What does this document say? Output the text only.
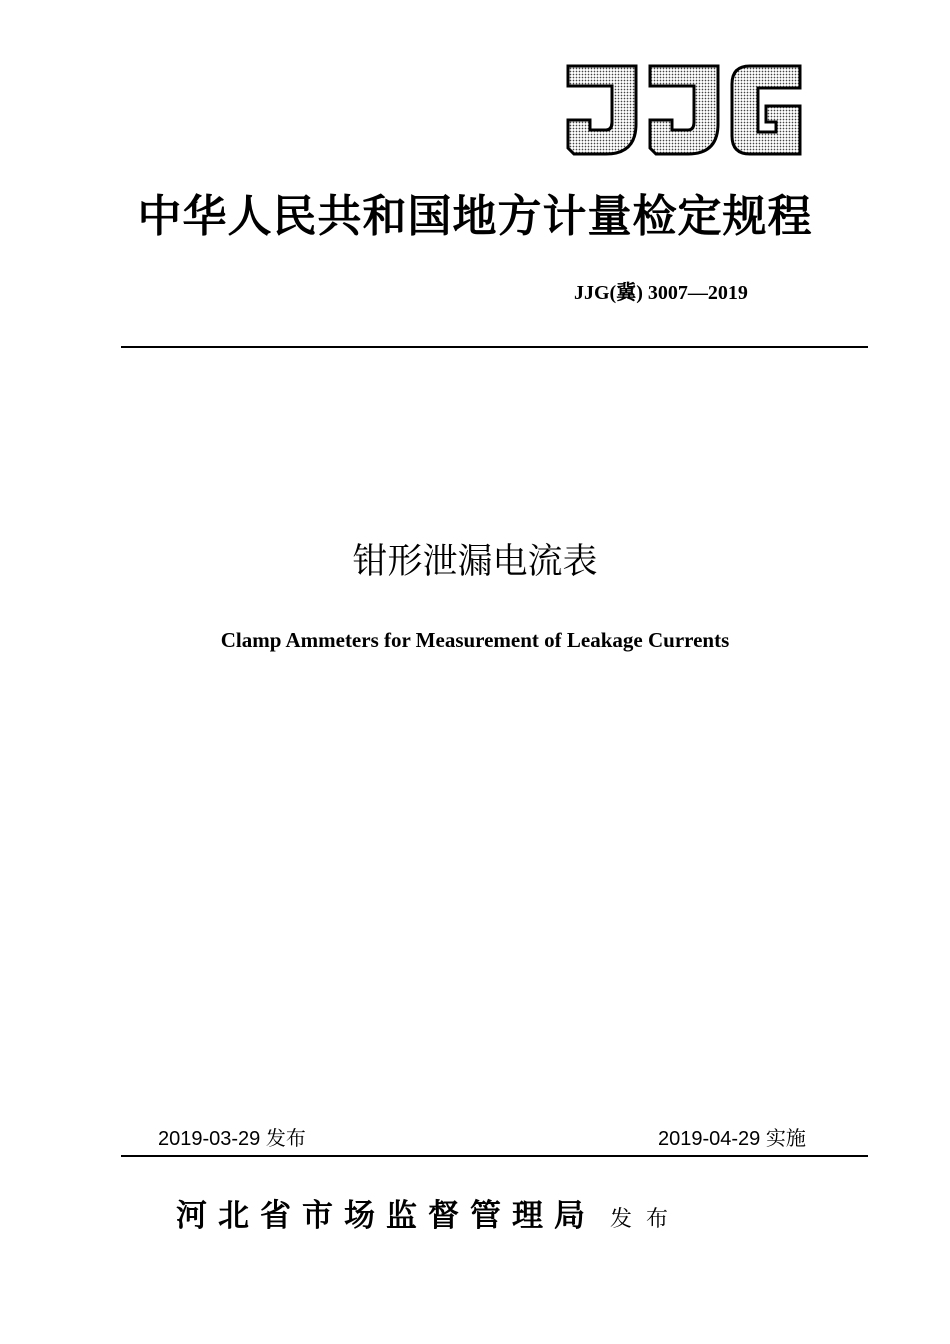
中华人民共和国地方计量检定规程
JJG(冀) 3007—2019
钳形泄漏电流表
Clamp Ammeters for Measurement of Leakage Currents
2019-03-29 发布	2019-04-29 实施
河北省市场监督管理局 发布
